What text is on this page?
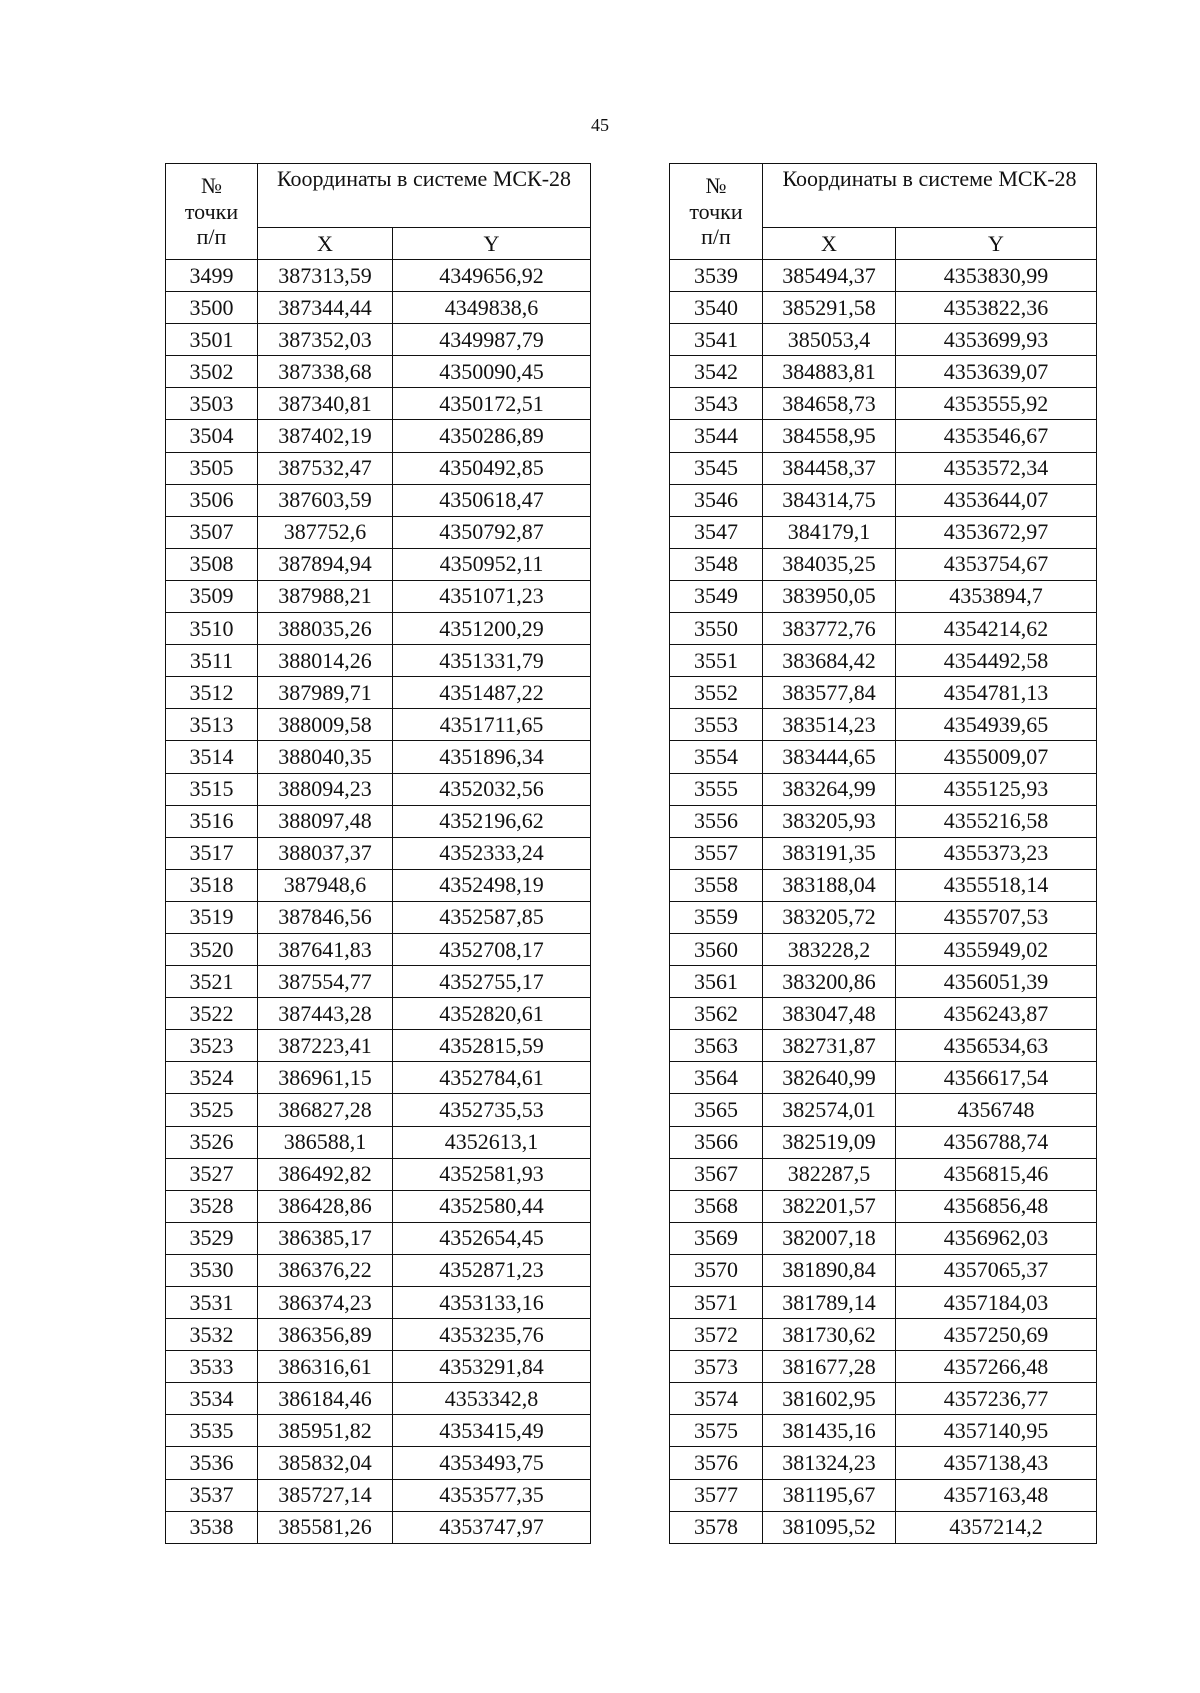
45
№
точки
п/п	Координаты в системе МСК-28	
	X	Y
3499	387313,59	4349656,92
3500	387344,44	4349838,6
3501	387352,03	4349987,79
3502	387338,68	4350090,45
3503	387340,81	4350172,51
3504	387402,19	4350286,89
3505	387532,47	4350492,85
3506	387603,59	4350618,47
3507	387752,6	4350792,87
3508	387894,94	4350952,11
3509	387988,21	4351071,23
3510	388035,26	4351200,29
3511	388014,26	4351331,79
3512	387989,71	4351487,22
3513	388009,58	4351711,65
3514	388040,35	4351896,34
3515	388094,23	4352032,56
3516	388097,48	4352196,62
3517	388037,37	4352333,24
3518	387948,6	4352498,19
3519	387846,56	4352587,85
3520	387641,83	4352708,17
3521	387554,77	4352755,17
3522	387443,28	4352820,61
3523	387223,41	4352815,59
3524	386961,15	4352784,61
3525	386827,28	4352735,53
3526	386588,1	4352613,1
3527	386492,82	4352581,93
3528	386428,86	4352580,44
3529	386385,17	4352654,45
3530	386376,22	4352871,23
3531	386374,23	4353133,16
3532	386356,89	4353235,76
3533	386316,61	4353291,84
3534	386184,46	4353342,8
3535	385951,82	4353415,49
3536	385832,04	4353493,75
3537	385727,14	4353577,35
3538	385581,26	4353747,97
№
точки
п/п	Координаты в системе МСК-28	
	X	Y
3539	385494,37	4353830,99
3540	385291,58	4353822,36
3541	385053,4	4353699,93
3542	384883,81	4353639,07
3543	384658,73	4353555,92
3544	384558,95	4353546,67
3545	384458,37	4353572,34
3546	384314,75	4353644,07
3547	384179,1	4353672,97
3548	384035,25	4353754,67
3549	383950,05	4353894,7
3550	383772,76	4354214,62
3551	383684,42	4354492,58
3552	383577,84	4354781,13
3553	383514,23	4354939,65
3554	383444,65	4355009,07
3555	383264,99	4355125,93
3556	383205,93	4355216,58
3557	383191,35	4355373,23
3558	383188,04	4355518,14
3559	383205,72	4355707,53
3560	383228,2	4355949,02
3561	383200,86	4356051,39
3562	383047,48	4356243,87
3563	382731,87	4356534,63
3564	382640,99	4356617,54
3565	382574,01	4356748
3566	382519,09	4356788,74
3567	382287,5	4356815,46
3568	382201,57	4356856,48
3569	382007,18	4356962,03
3570	381890,84	4357065,37
3571	381789,14	4357184,03
3572	381730,62	4357250,69
3573	381677,28	4357266,48
3574	381602,95	4357236,77
3575	381435,16	4357140,95
3576	381324,23	4357138,43
3577	381195,67	4357163,48
3578	381095,52	4357214,2
